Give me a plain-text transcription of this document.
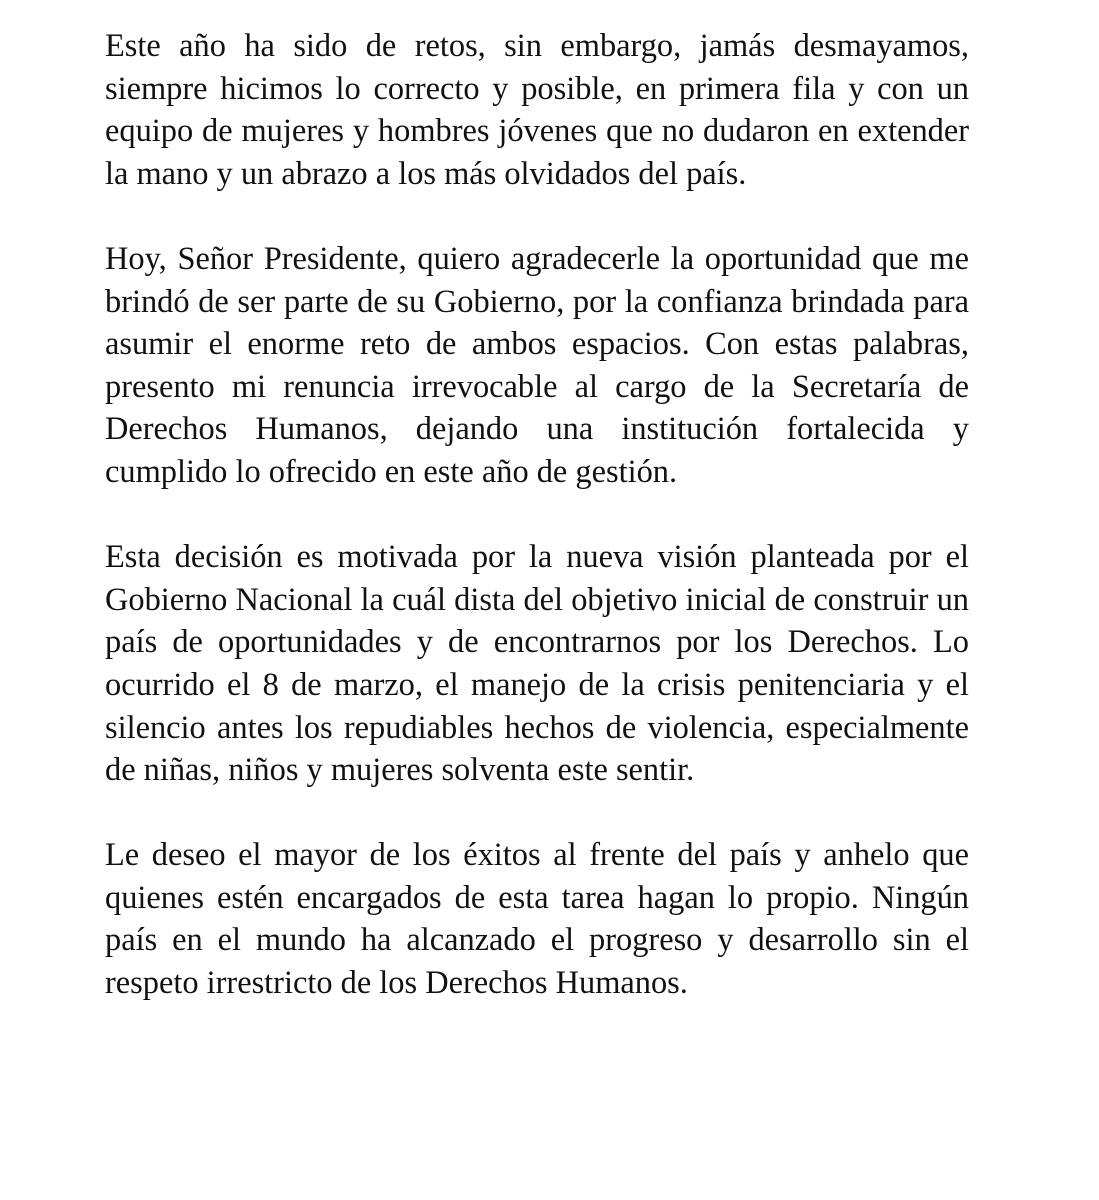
Este año ha sido de retos, sin embargo, jamás desmayamos, siempre hicimos lo correcto y posible, en primera fila y con un equipo de mujeres y hombres jóvenes que no dudaron en extender la mano y un abrazo a los más olvidados del país.

Hoy, Señor Presidente, quiero agradecerle la oportunidad que me brindó de ser parte de su Gobierno, por la confianza brindada para asumir el enorme reto de ambos espacios. Con estas palabras, presento mi renuncia irrevocable al cargo de la Secretaría de Derechos Humanos, dejando una institución fortalecida y cumplido lo ofrecido en este año de gestión.

Esta decisión es motivada por la nueva visión planteada por el Gobierno Nacional la cuál dista del objetivo inicial de construir un país de oportunidades y de encontrarnos por los Derechos. Lo ocurrido el 8 de marzo, el manejo de la crisis penitenciaria y el silencio antes los repudiables hechos de violencia, especialmente de niñas, niños y mujeres solventa este sentir.

Le deseo el mayor de los éxitos al frente del país y anhelo que quienes estén encargados de esta tarea hagan lo propio. Ningún país en el mundo ha alcanzado el progreso y desarrollo sin el respeto irrestricto de los Derechos Humanos.
